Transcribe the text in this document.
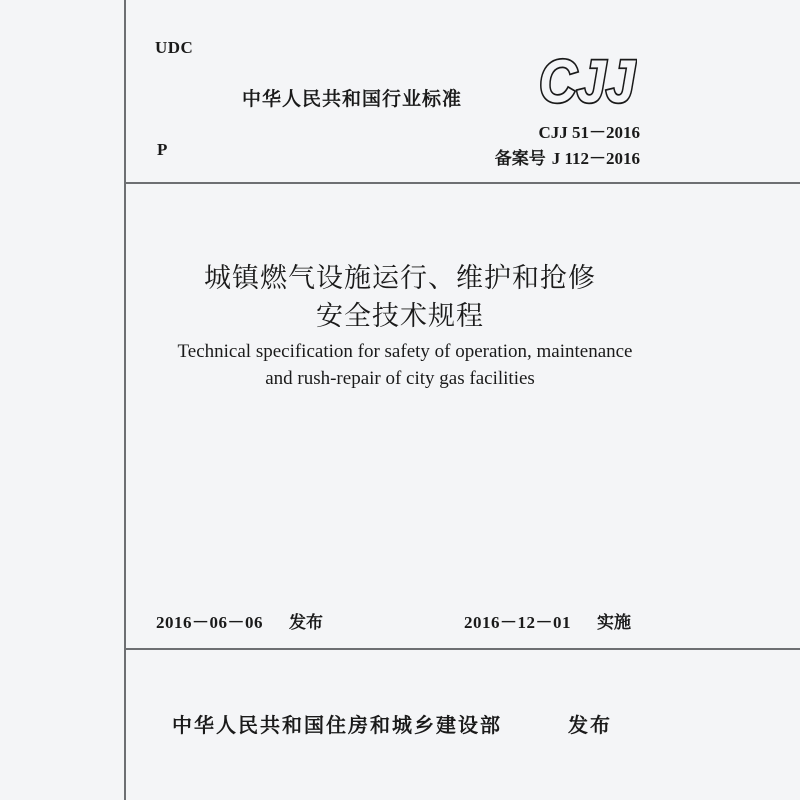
UDC
P
中华人民共和国行业标准 CJJ
CJJ
CJJ 51－2016
备案号 J 112－2016
城镇燃气设施运行、维护和抢修
安全技术规程
Technical specification for safety of operation, maintenance
and rush-repair of city gas facilities
2016－06－06 发布	2016－12－01 实施
中华人民共和国住房和城乡建设部	发布
